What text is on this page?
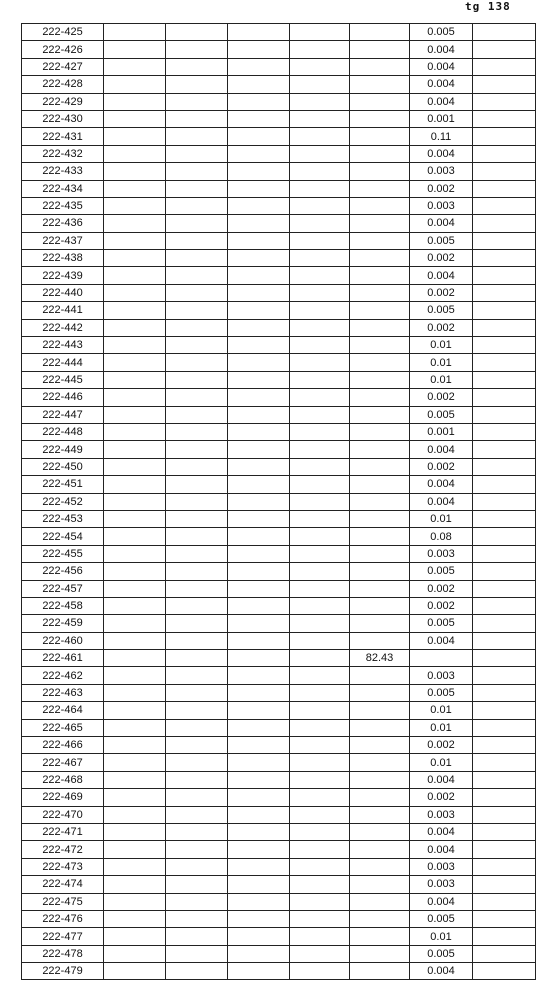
tg 138
222-425						0.005	
222-426						0.004	
222-427						0.004	
222-428						0.004	
222-429						0.004	
222-430						0.001	
222-431						0.11	
222-432						0.004	
222-433						0.003	
222-434						0.002	
222-435						0.003	
222-436						0.004	
222-437						0.005	
222-438						0.002	
222-439						0.004	
222-440						0.002	
222-441						0.005	
222-442						0.002	
222-443						0.01	
222-444						0.01	
222-445						0.01	
222-446						0.002	
222-447						0.005	
222-448						0.001	
222-449						0.004	
222-450						0.002	
222-451						0.004	
222-452						0.004	
222-453						0.01	
222-454						0.08	
222-455						0.003	
222-456						0.005	
222-457						0.002	
222-458						0.002	
222-459						0.005	
222-460						0.004	
222-461					82.43		
222-462						0.003	
222-463						0.005	
222-464						0.01	
222-465						0.01	
222-466						0.002	
222-467						0.01	
222-468						0.004	
222-469						0.002	
222-470						0.003	
222-471						0.004	
222-472						0.004	
222-473						0.003	
222-474						0.003	
222-475						0.004	
222-476						0.005	
222-477						0.01	
222-478						0.005	
222-479						0.004	
